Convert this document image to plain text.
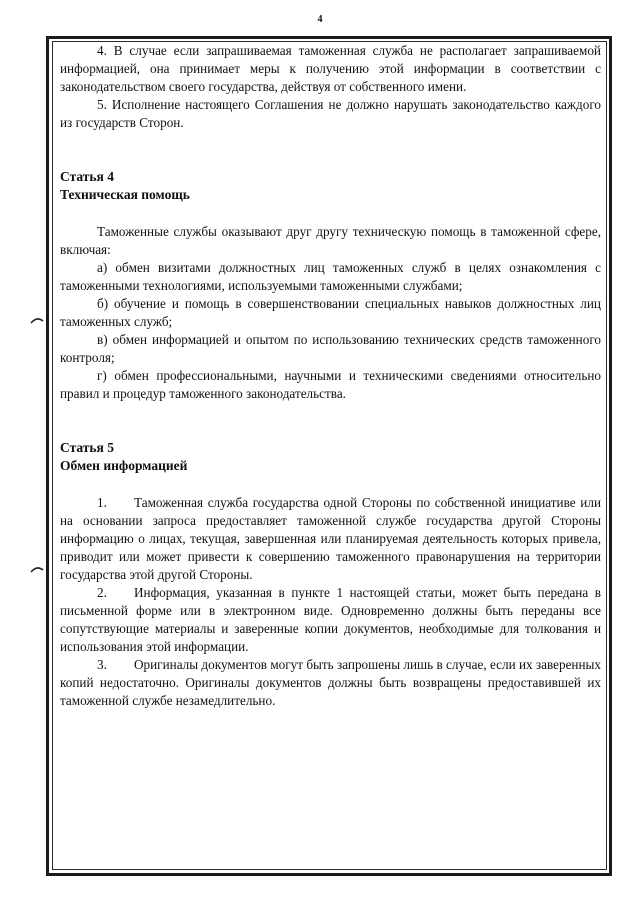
4

4. В случае если запрашиваемая таможенная служба не располагает запрашиваемой информацией, она принимает меры к получению этой информации в соответствии с законодательством своего государства, действуя от собственного имени.

5. Исполнение настоящего Соглашения не должно нарушать законодательство каждого из государств Сторон.

Статья 4

Техническая помощь

Таможенные службы оказывают друг другу техническую помощь в таможенной сфере, включая:

а) обмен визитами должностных лиц таможенных служб в целях ознакомления с таможенными технологиями, используемыми таможенными службами;

б) обучение и помощь в совершенствовании специальных навыков должностных лиц таможенных служб;

в) обмен информацией и опытом по использованию технических средств таможенного контроля;

г) обмен профессиональными, научными и техническими сведениями относительно правил и процедур таможенного законодательства.

Статья 5

Обмен информацией

1. Таможенная служба государства одной Стороны по собственной инициативе или на основании запроса предоставляет таможенной службе государства другой Стороны информацию о лицах, текущая, завершенная или планируемая деятельность которых привела, приводит или может привести к совершению таможенного правонарушения на территории государства этой другой Стороны.

2. Информация, указанная в пункте 1 настоящей статьи, может быть передана в письменной форме или в электронном виде. Одновременно должны быть переданы все сопутствующие материалы и заверенные копии документов, необходимые для толкования и использования этой информации.

3. Оригиналы документов могут быть запрошены лишь в случае, если их заверенных копий недостаточно. Оригиналы документов должны быть возвращены предоставившей их таможенной службе незамедлительно.
